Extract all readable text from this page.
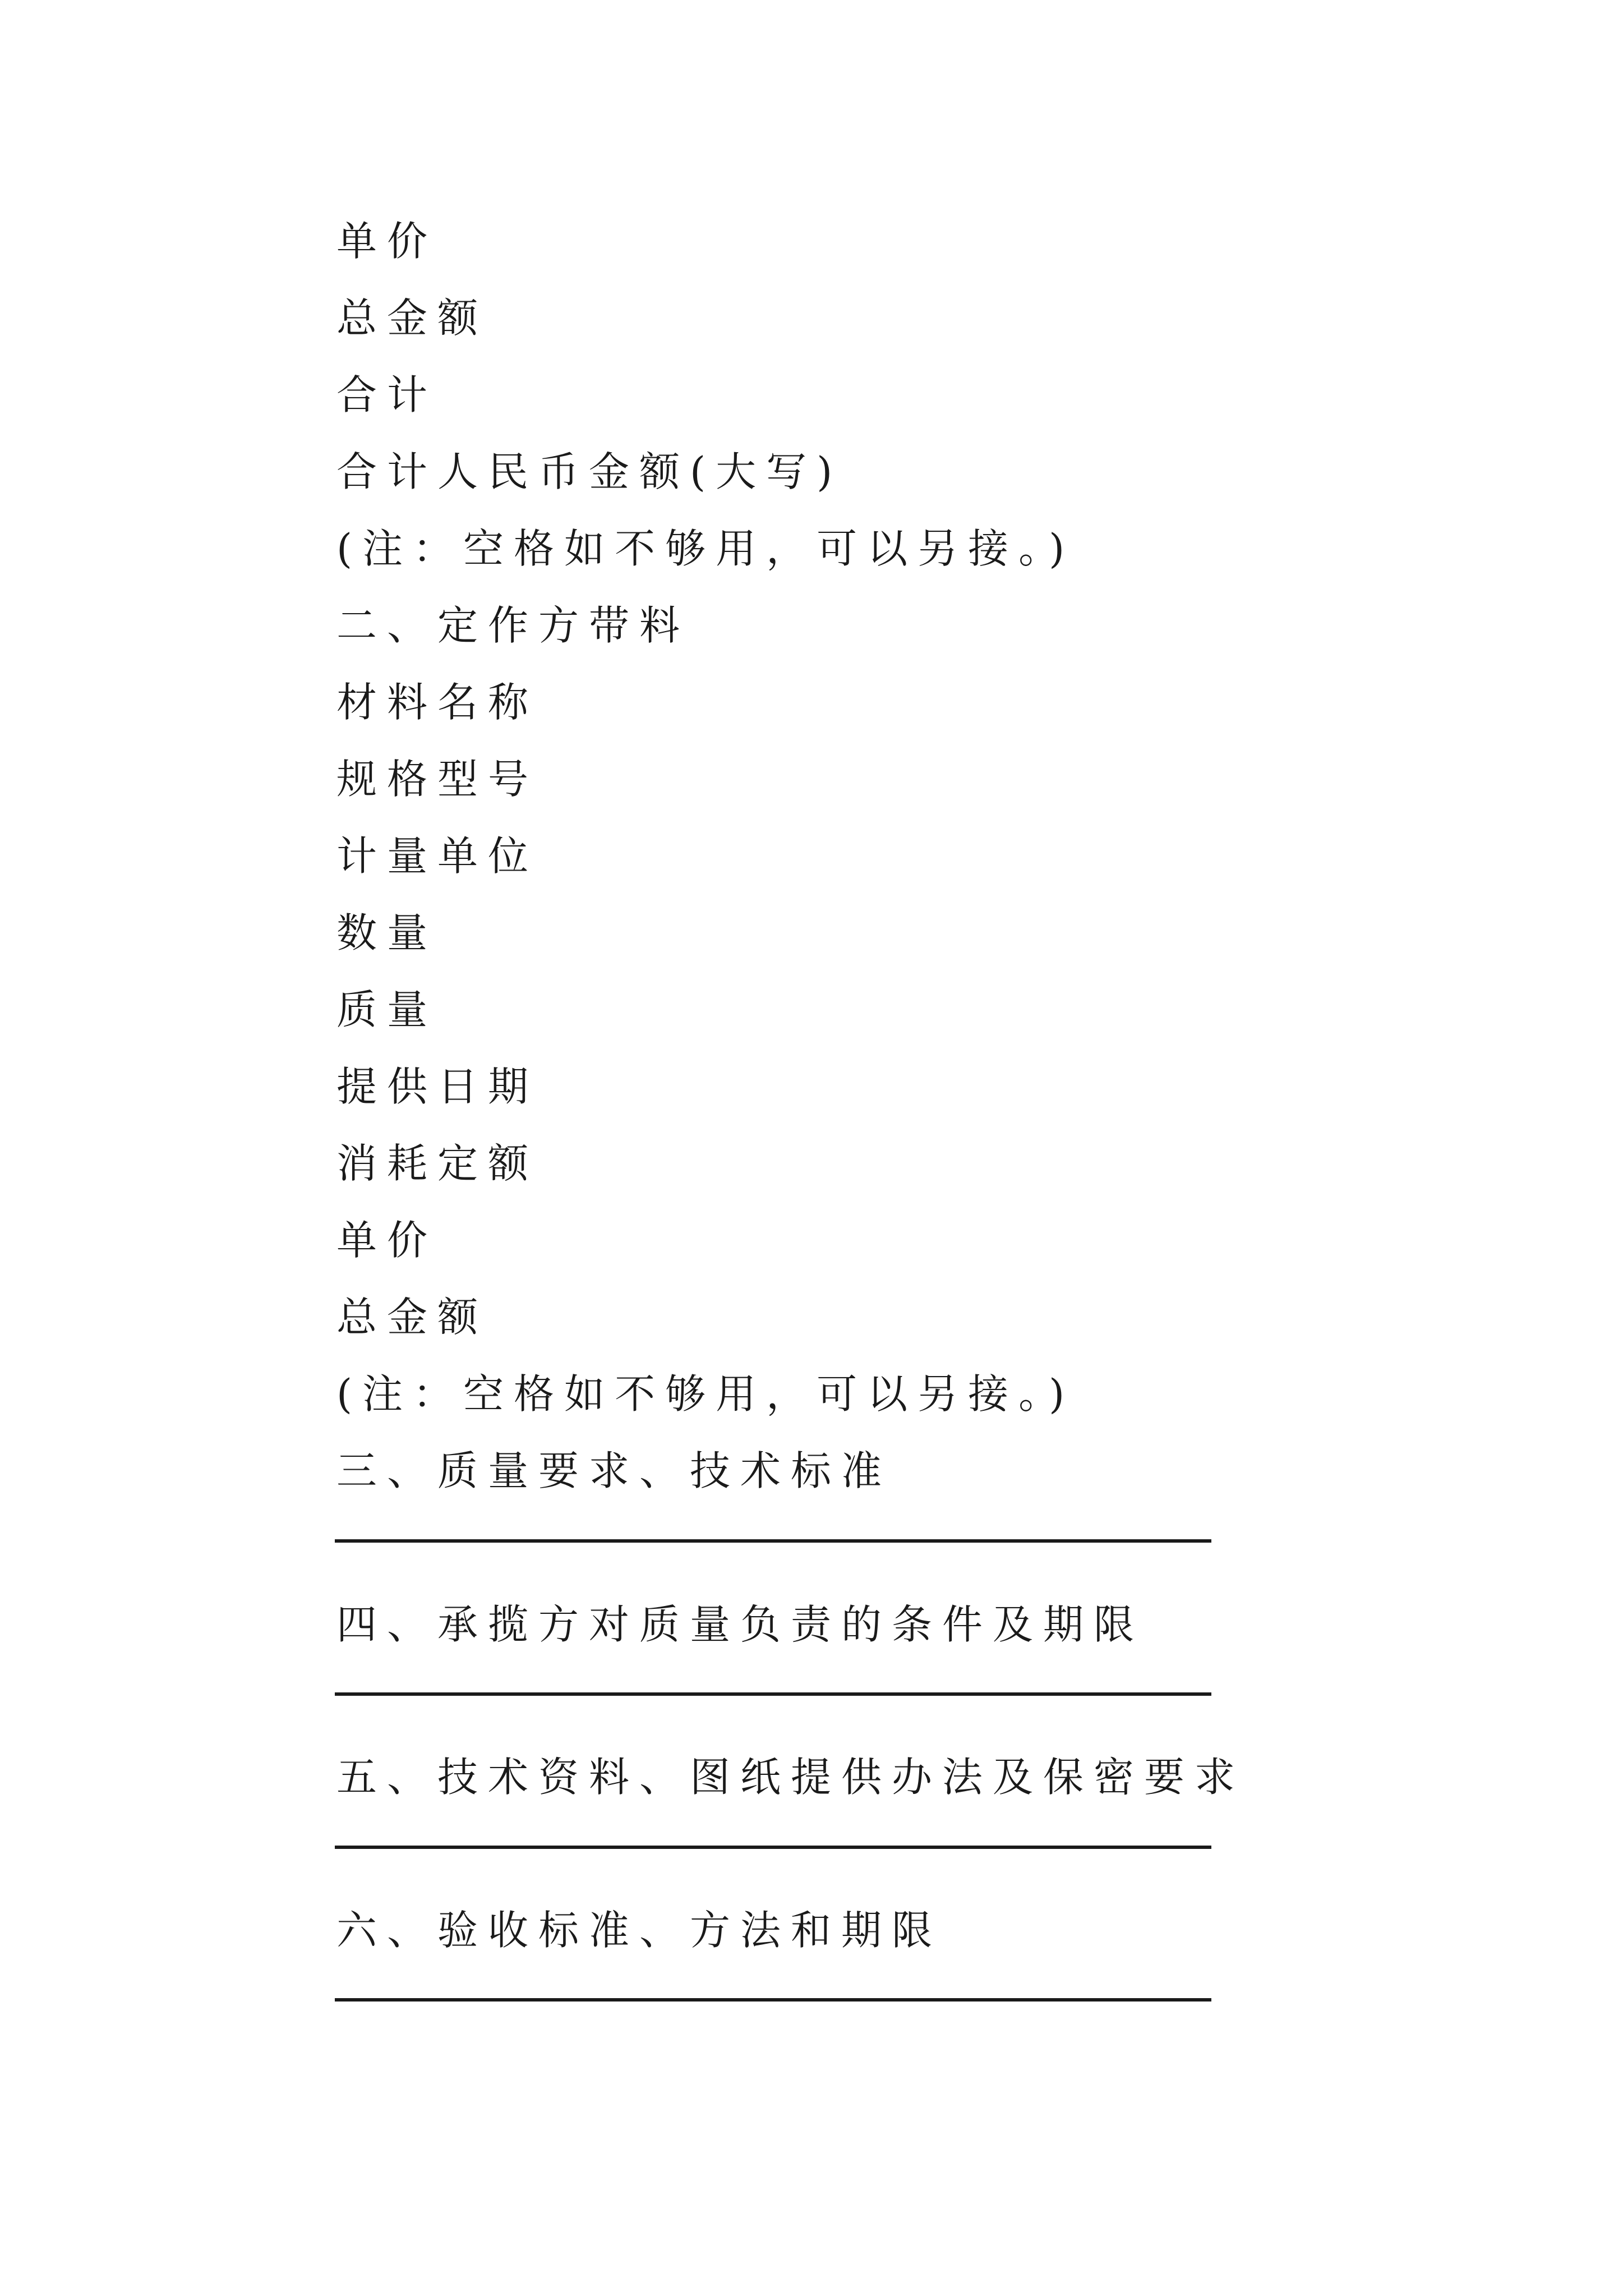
单价
总金额
合计
合计人民币金额(大写)
(注：空格如不够用，可以另接。)
二、定作方带料
材料名称
规格型号
计量单位
数量
质量
提供日期
消耗定额
单价
总金额
(注：空格如不够用，可以另接。)
三、质量要求、技术标准
四、承揽方对质量负责的条件及期限
五、技术资料、图纸提供办法及保密要求
六、验收标准、方法和期限
